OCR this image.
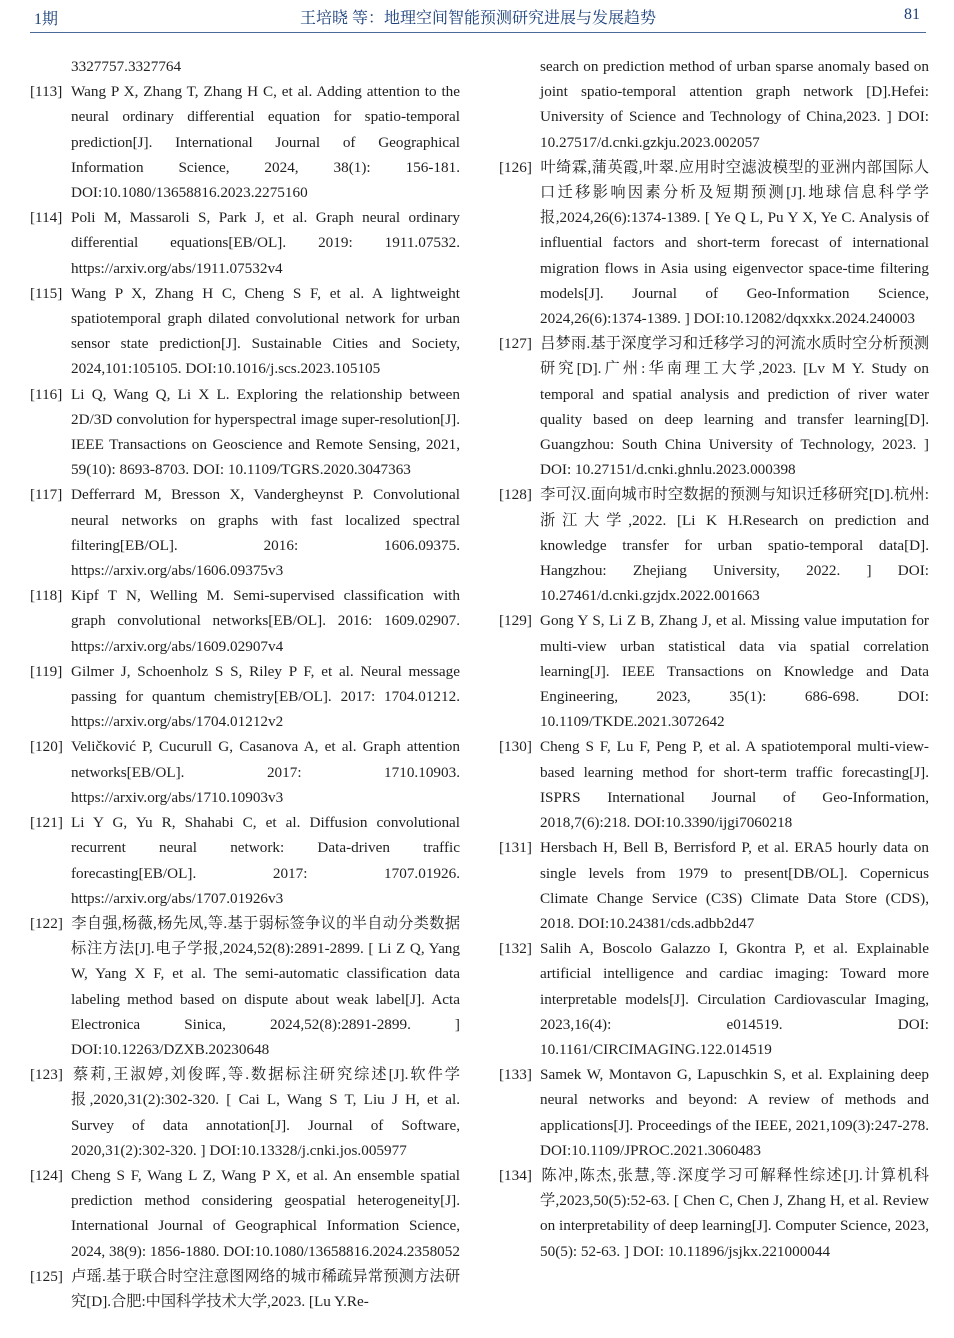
1期	王培晓 等：地理空间智能预测研究进展与发展趋势	81

3327757.3327764

[113] Wang P X, Zhang T, Zhang H C, et al. Adding attention to the neural ordinary differential equation for spatio-temporal prediction[J]. International Journal of Geographical Information Science, 2024, 38(1): 156-181. DOI:10.1080/13658816.2023.2275160

[114] Poli M, Massaroli S, Park J, et al. Graph neural ordinary differential equations[EB/OL]. 2019: 1911.07532. https://arxiv.org/abs/1911.07532v4

[115] Wang P X, Zhang H C, Cheng S F, et al. A lightweight spatiotemporal graph dilated convolutional network for urban sensor state prediction[J]. Sustainable Cities and Society, 2024,101:105105. DOI:10.1016/j.scs.2023.105105

[116] Li Q, Wang Q, Li X L. Exploring the relationship between 2D/3D convolution for hyperspectral image super-resolution[J]. IEEE Transactions on Geoscience and Remote Sensing, 2021, 59(10): 8693-8703. DOI: 10.1109/TGRS.2020.3047363

[117] Defferrard M, Bresson X, Vandergheynst P. Convolutional neural networks on graphs with fast localized spectral filtering[EB/OL]. 2016: 1606.09375. https://arxiv.org/abs/1606.09375v3

[118] Kipf T N, Welling M. Semi-supervised classification with graph convolutional networks[EB/OL]. 2016: 1609.02907. https://arxiv.org/abs/1609.02907v4

[119] Gilmer J, Schoenholz S S, Riley P F, et al. Neural message passing for quantum chemistry[EB/OL]. 2017: 1704.01212. https://arxiv.org/abs/1704.01212v2

[120] Veličković P, Cucurull G, Casanova A, et al. Graph attention networks[EB/OL]. 2017: 1710.10903. https://arxiv.org/abs/1710.10903v3

[121] Li Y G, Yu R, Shahabi C, et al. Diffusion convolutional recurrent neural network: Data-driven traffic forecasting[EB/OL]. 2017: 1707.01926. https://arxiv.org/abs/1707.01926v3

[122] 李自强,杨薇,杨先凤,等.基于弱标签争议的半自动分类数据标注方法[J].电子学报,2024,52(8):2891-2899. [ Li Z Q, Yang W, Yang X F, et al. The semi-automatic classification data labeling method based on dispute about weak label[J]. Acta Electronica Sinica, 2024,52(8):2891-2899. ] DOI:10.12263/DZXB.20230648

[123] 蔡莉,王淑婷,刘俊晖,等.数据标注研究综述[J].软件学报,2020,31(2):302-320. [ Cai L, Wang S T, Liu J H, et al. Survey of data annotation[J]. Journal of Software, 2020,31(2):302-320. ] DOI:10.13328/j.cnki.jos.005977

[124] Cheng S F, Wang L Z, Wang P X, et al. An ensemble spatial prediction method considering geospatial heterogeneity[J]. International Journal of Geographical Information Science, 2024, 38(9): 1856-1880. DOI:10.1080/13658816.2024.2358052

[125] 卢瑶.基于联合时空注意图网络的城市稀疏异常预测方法研究[D].合肥:中国科学技术大学,2023. [Lu Y.Re-

search on prediction method of urban sparse anomaly based on joint spatio-temporal attention graph network [D].Hefei: University of Science and Technology of China,2023. ] DOI: 10.27517/d.cnki.gzkju.2023.002057

[126] 叶绮霖,蒲英霞,叶翠.应用时空滤波模型的亚洲内部国际人口迁移影响因素分析及短期预测[J].地球信息科学学报,2024,26(6):1374-1389. [ Ye Q L, Pu Y X, Ye C. Analysis of influential factors and short-term forecast of international migration flows in Asia using eigenvector space-time filtering models[J]. Journal of Geo-Information Science, 2024,26(6):1374-1389. ] DOI:10.12082/dqxxkx.2024.240003

[127] 吕梦雨.基于深度学习和迁移学习的河流水质时空分析预测研究[D].广州:华南理工大学,2023. [Lv M Y. Study on temporal and spatial analysis and prediction of river water quality based on deep learning and transfer learning[D]. Guangzhou: South China University of Technology, 2023. ] DOI: 10.27151/d.cnki.ghnlu.2023.000398

[128] 李可汉.面向城市时空数据的预测与知识迁移研究[D].杭州:浙江大学,2022. [Li K H.Research on prediction and knowledge transfer for urban spatio-temporal data[D]. Hangzhou: Zhejiang University, 2022. ] DOI: 10.27461/d.cnki.gzjdx.2022.001663

[129] Gong Y S, Li Z B, Zhang J, et al. Missing value imputation for multi-view urban statistical data via spatial correlation learning[J]. IEEE Transactions on Knowledge and Data Engineering, 2023, 35(1): 686-698. DOI: 10.1109/TKDE.2021.3072642

[130] Cheng S F, Lu F, Peng P, et al. A spatiotemporal multi-view-based learning method for short-term traffic forecasting[J]. ISPRS International Journal of Geo-Information, 2018,7(6):218. DOI:10.3390/ijgi7060218

[131] Hersbach H, Bell B, Berrisford P, et al. ERA5 hourly data on single levels from 1979 to present[DB/OL]. Copernicus Climate Change Service (C3S) Climate Data Store (CDS), 2018. DOI:10.24381/cds.adbb2d47

[132] Salih A, Boscolo Galazzo I, Gkontra P, et al. Explainable artificial intelligence and cardiac imaging: Toward more interpretable models[J]. Circulation Cardiovascular Imaging, 2023,16(4): e014519. DOI: 10.1161/CIRCIMAGING.122.014519

[133] Samek W, Montavon G, Lapuschkin S, et al. Explaining deep neural networks and beyond: A review of methods and applications[J]. Proceedings of the IEEE, 2021,109(3):247-278. DOI:10.1109/JPROC.2021.3060483

[134] 陈冲,陈杰,张慧,等.深度学习可解释性综述[J].计算机科学,2023,50(5):52-63. [ Chen C, Chen J, Zhang H, et al. Review on interpretability of deep learning[J]. Computer Science, 2023, 50(5): 52-63. ] DOI: 10.11896/jsjkx.221000044
